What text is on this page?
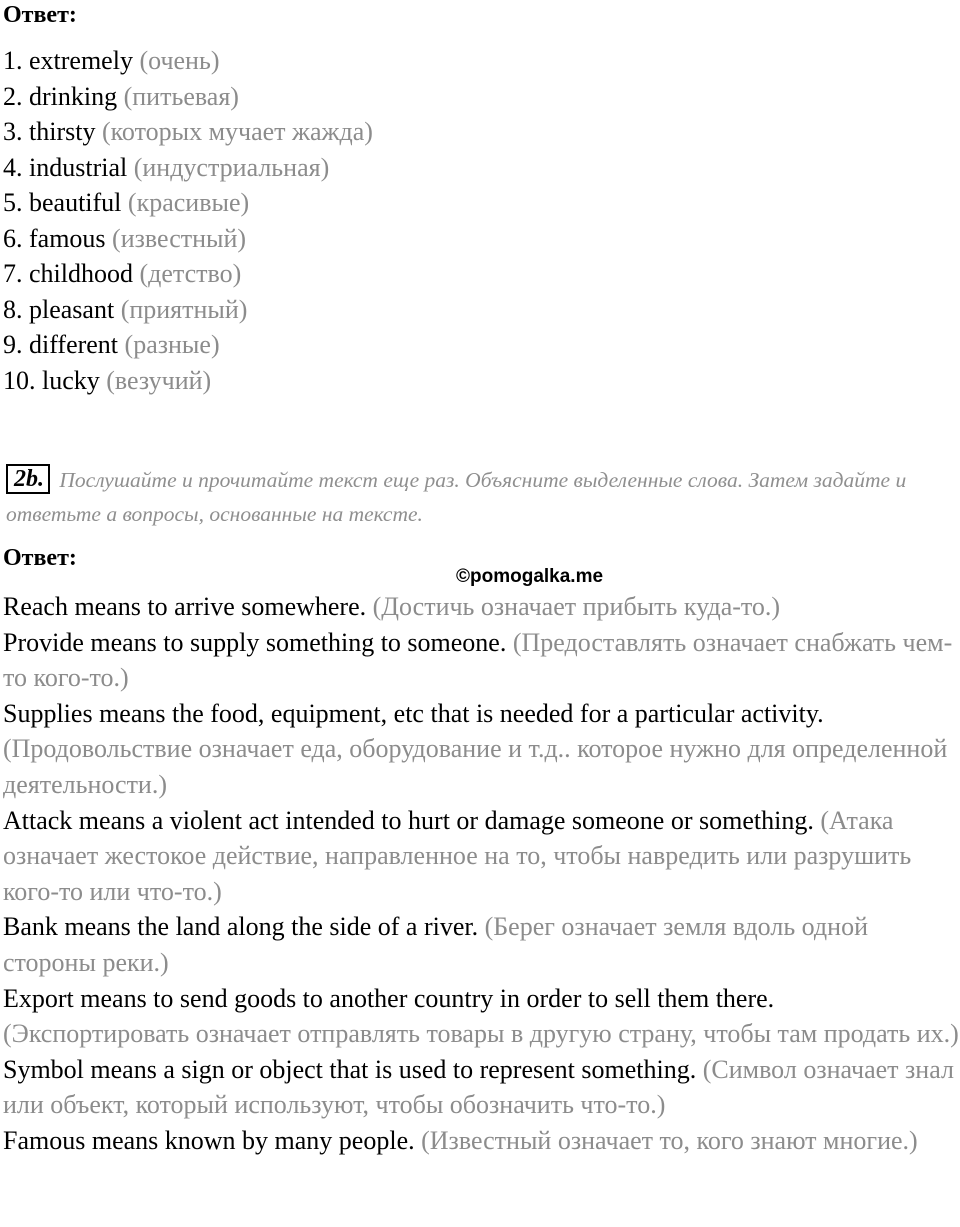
Ответ:
1. extremely (очень)
2. drinking (питьевая)
3. thirsty (которых мучает жажда)
4. industrial (индустриальная)
5. beautiful (красивые)
6. famous (известный)
7. childhood (детство)
8. pleasant (приятный)
9. different (разные)
10. lucky (везучий)
2b. Послушайте и прочитайте текст еще раз. Объясните выделенные слова. Затем задайте и ответьте а вопросы, основанные на тексте.
Ответ:
©pomogalka.me

Reach means to arrive somewhere. (Достичь означает прибыть куда-то.)

Provide means to supply something to someone. (Предоставлять означает снабжать чем-то кого-то.)

Supplies means the food, equipment, etc that is needed for a particular activity. (Продовольствие означает еда, оборудование и т.д.. которое нужно для определенной деятельности.)

Attack means a violent act intended to hurt or damage someone or something. (Атака означает жестокое действие, направленное на то, чтобы навредить или разрушить кого-то или что-то.)

Bank means the land along the side of a river. (Берег означает земля вдоль одной стороны реки.)

Export means to send goods to another country in order to sell them there. (Экспортировать означает отправлять товары в другую страну, чтобы там продать их.)

Symbol means a sign or object that is used to represent something. (Символ означает знал или объект, который используют, чтобы обозначить что-то.)

Famous means known by many people. (Известный означает то, кого знают многие.)
